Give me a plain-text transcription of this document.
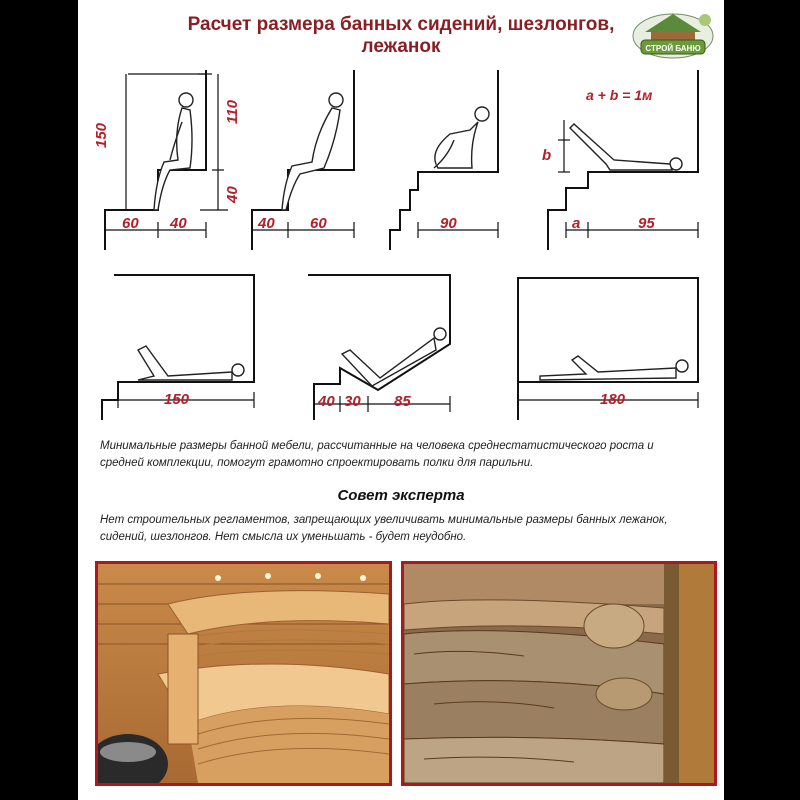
Расчет размера банных сидений, шезлонгов,
лежанок	СТРОЙ БАНЮ
150
110
40
60 40	40 60	90
a + b = 1м
b
a	95
150	40 30 85	180
Минимальные размеры банной мебели, рассчитанные на человека среднестатистического роста и средней комплекции, помогут грамотно спроектировать полки для парильни.
Совет эксперта
Нет строительных регламентов, запрещающих увеличивать минимальные размеры банных лежанок, сидений, шезлонгов. Нет смысла их уменьшать - будет неудобно.
